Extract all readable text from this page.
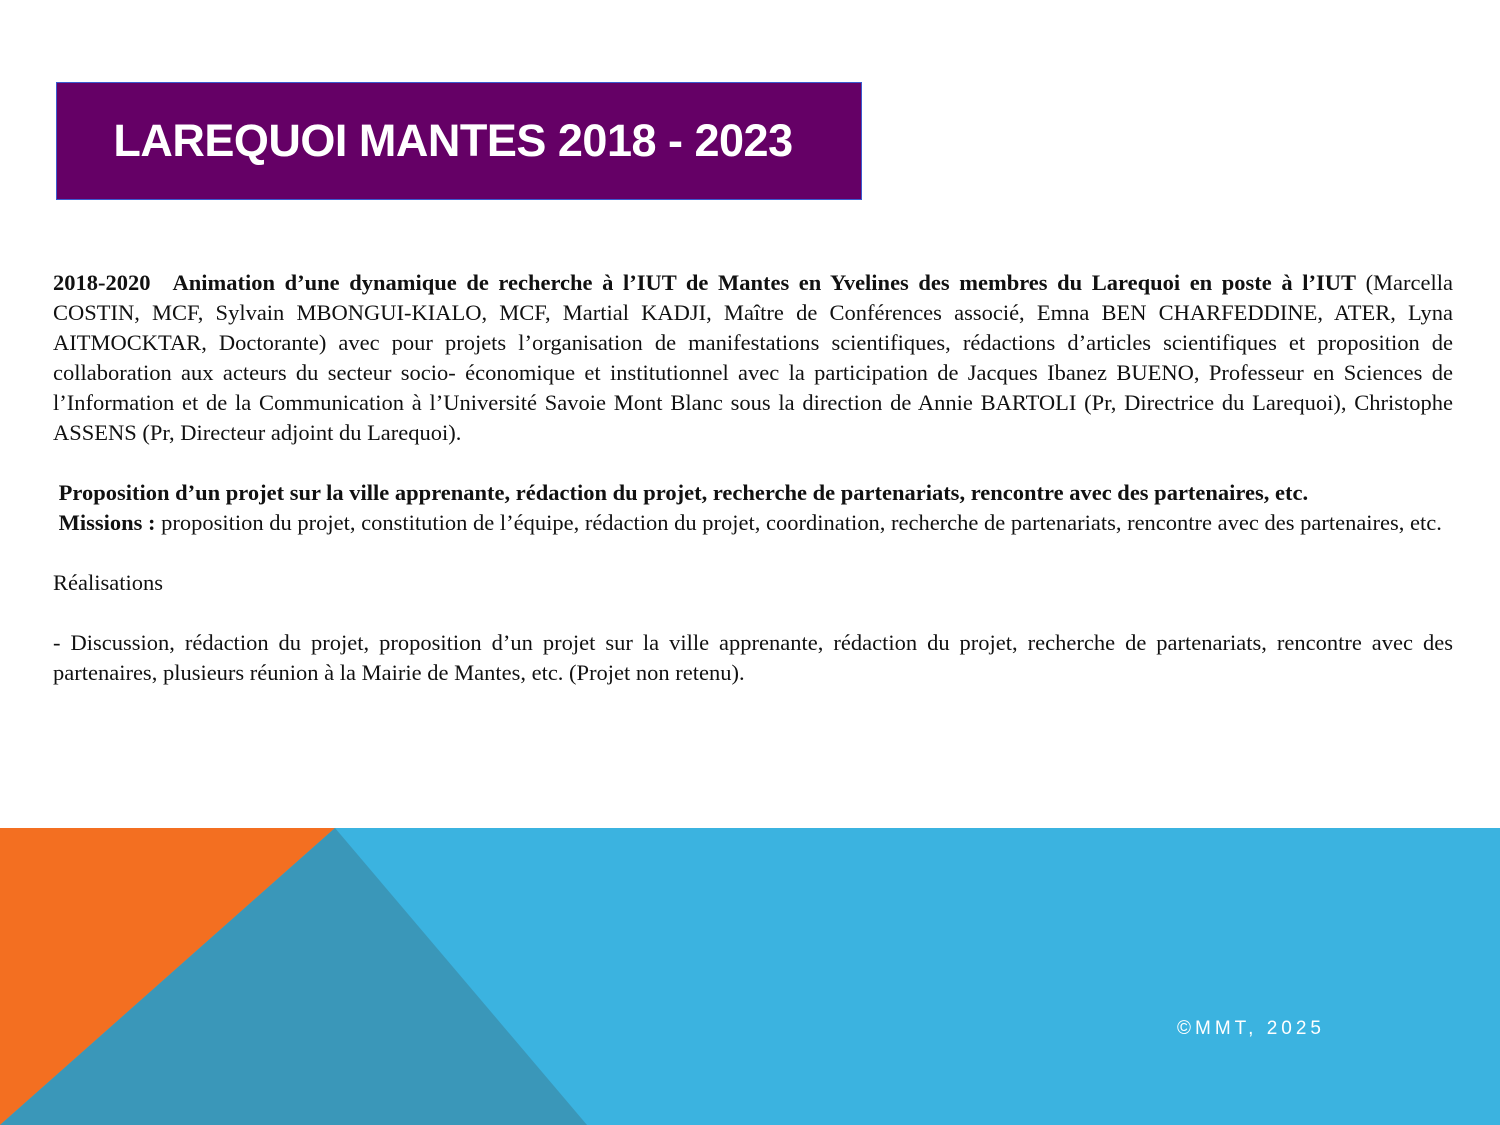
LAREQUOI MANTES 2018 - 2023

2018-2020 Animation d’une dynamique de recherche à l’IUT de Mantes en Yvelines des membres du Larequoi en poste à l’IUT (Marcella COSTIN, MCF, Sylvain MBONGUI-KIALO, MCF, Martial KADJI, Maître de Conférences associé, Emna BEN CHARFEDDINE, ATER, Lyna AITMOCKTAR, Doctorante) avec pour projets l’organisation de manifestations scientifiques, rédactions d’articles scientifiques et proposition de collaboration aux acteurs du secteur socio- économique et institutionnel avec la participation de Jacques Ibanez BUENO, Professeur en Sciences de l’Information et de la Communication à l’Université Savoie Mont Blanc sous la direction de Annie BARTOLI (Pr, Directrice du Larequoi), Christophe ASSENS (Pr, Directeur adjoint du Larequoi).

Proposition d’un projet sur la ville apprenante, rédaction du projet, recherche de partenariats, rencontre avec des partenaires, etc.
Missions : proposition du projet, constitution de l’équipe, rédaction du projet, coordination, recherche de partenariats, rencontre avec des partenaires, etc.

Réalisations

- Discussion, rédaction du projet, proposition d’un projet sur la ville apprenante, rédaction du projet, recherche de partenariats, rencontre avec des partenaires, plusieurs réunion à la Mairie de Mantes, etc. (Projet non retenu).

©MMT, 2025
